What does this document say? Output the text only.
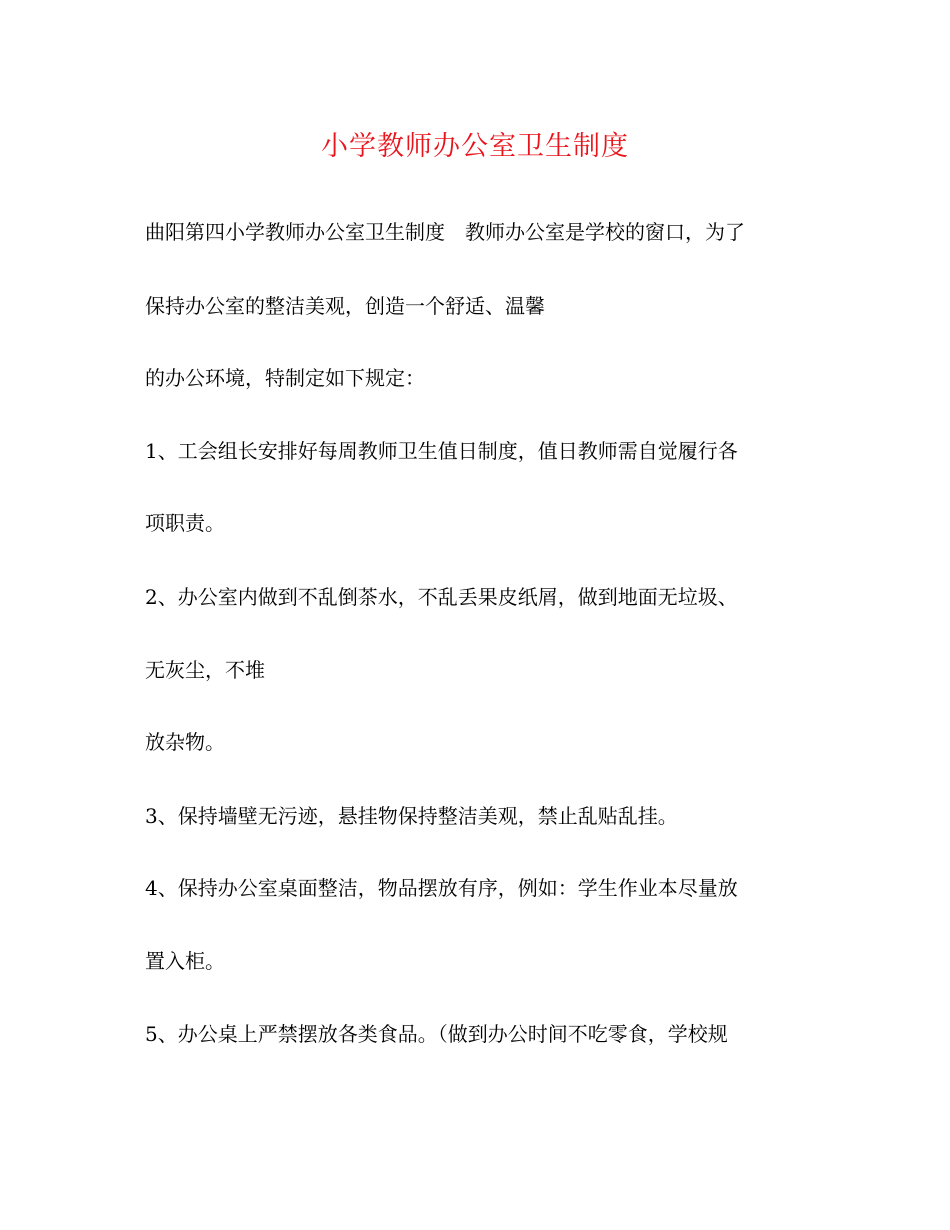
小学教师办公室卫生制度

曲阳第四小学教师办公室卫生制度　教师办公室是学校的窗口，为了

保持办公室的整洁美观，创造一个舒适、温馨

的办公环境，特制定如下规定：

1、工会组长安排好每周教师卫生值日制度，值日教师需自觉履行各

项职责。

2、办公室内做到不乱倒茶水，不乱丢果皮纸屑，做到地面无垃圾、

无灰尘，不堆

放杂物。

3、保持墙壁无污迹，悬挂物保持整洁美观，禁止乱贴乱挂。

4、保持办公室桌面整洁，物品摆放有序，例如：学生作业本尽量放

置入柜。

5、办公桌上严禁摆放各类食品。（做到办公时间不吃零食，学校规
